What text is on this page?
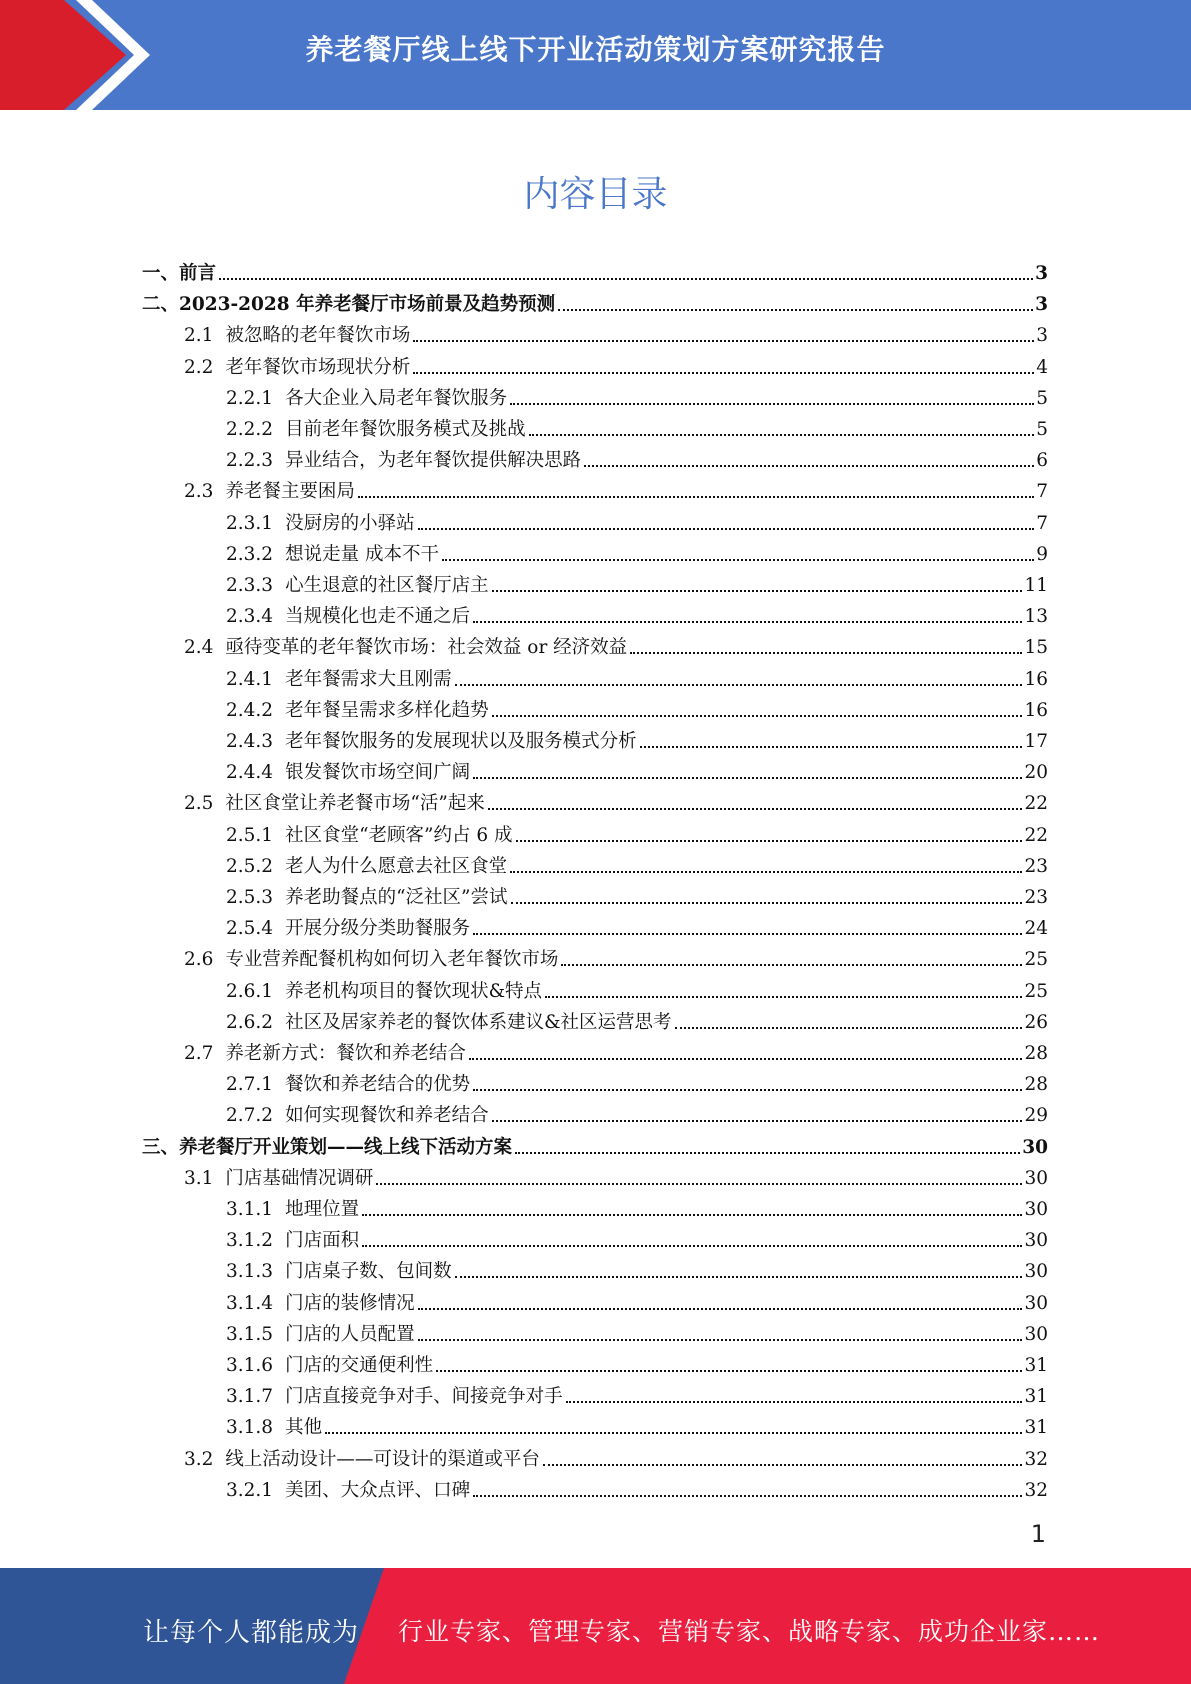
养老餐厅线上线下开业活动策划方案研究报告
内容目录
一、 前言	3
二、 2023-2028 年养老餐厅市场前景及趋势预测	3
2.1 被忽略的老年餐饮市场	3
2.2 老年餐饮市场现状分析	4
2.2.1 各大企业入局老年餐饮服务	5
2.2.2 目前老年餐饮服务模式及挑战	5
2.2.3 异业结合，为老年餐饮提供解决思路	6
2.3 养老餐主要困局	7
2.3.1 没厨房的小驿站	7
2.3.2 想说走量 成本不干	9
2.3.3 心生退意的社区餐厅店主	11
2.3.4 当规模化也走不通之后	13
2.4 亟待变革的老年餐饮市场：社会效益 or 经济效益	15
2.4.1 老年餐需求大且刚需	16
2.4.2 老年餐呈需求多样化趋势	16
2.4.3 老年餐饮服务的发展现状以及服务模式分析	17
2.4.4 银发餐饮市场空间广阔	20
2.5 社区食堂让养老餐市场“活”起来	22
2.5.1 社区食堂“老顾客”约占 6 成	22
2.5.2 老人为什么愿意去社区食堂	23
2.5.3 养老助餐点的“泛社区”尝试	23
2.5.4 开展分级分类助餐服务	24
2.6 专业营养配餐机构如何切入老年餐饮市场	25
2.6.1 养老机构项目的餐饮现状&特点	25
2.6.2 社区及居家养老的餐饮体系建议&社区运营思考	26
2.7 养老新方式：餐饮和养老结合	28
2.7.1 餐饮和养老结合的优势	28
2.7.2 如何实现餐饮和养老结合	29
三、 养老餐厅开业策划——线上线下活动方案	30
3.1 门店基础情况调研	30
3.1.1 地理位置	30
3.1.2 门店面积	30
3.1.3 门店桌子数、包间数	30
3.1.4 门店的装修情况	30
3.1.5 门店的人员配置	30
3.1.6 门店的交通便利性	31
3.1.7 门店直接竞争对手、间接竞争对手	31
3.1.8 其他	31
3.2 线上活动设计——可设计的渠道或平台	32
3.2.1 美团、大众点评、口碑	32
1
让每个人都能成为 行业专家、管理专家、营销专家、战略专家、成功企业家……
